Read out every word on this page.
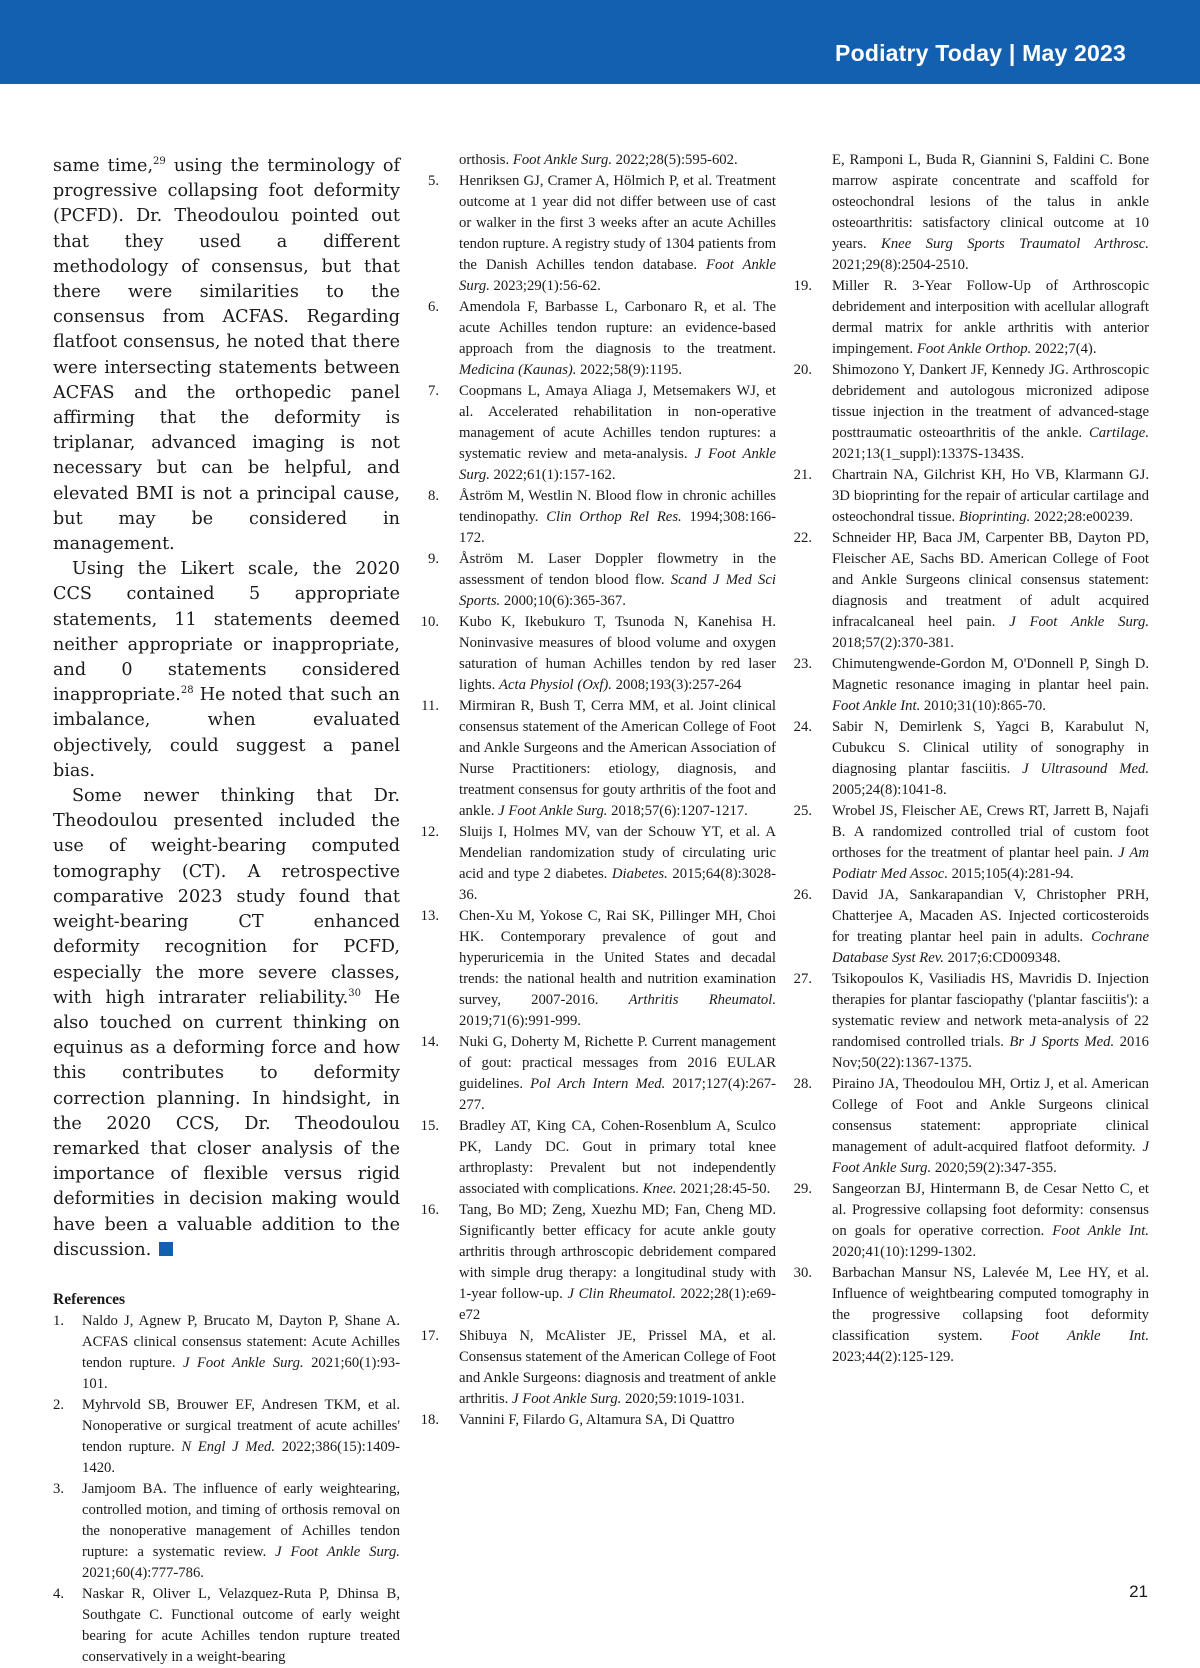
Podiatry Today | May 2023

same time,$^{29}$ using the terminology of progressive collapsing foot deformity (PCFD). Dr. Theodoulou pointed out that they used a different methodology of consensus, but that there were similarities to the consensus from ACFAS. Regarding flatfoot consensus, he noted that there were intersecting statements between ACFAS and the orthopedic panel affirming that the deformity is triplanar, advanced imaging is not necessary but can be helpful, and elevated BMI is not a principal cause, but may be considered in management.

Using the Likert scale, the 2020 CCS contained 5 appropriate statements, 11 statements deemed neither appropriate or inappropriate, and 0 statements considered inappropriate.$^{28}$ He noted that such an imbalance, when evaluated objectively, could suggest a panel bias.

Some newer thinking that Dr. Theodoulou presented included the use of weight-bearing computed tomography (CT). A retrospective comparative 2023 study found that weight-bearing CT enhanced deformity recognition for PCFD, especially the more severe classes, with high intrarater reliability.$^{30}$ He also touched on current thinking on equinus as a deforming force and how this contributes to deformity correction planning. In hindsight, in the 2020 CCS, Dr. Theodoulou remarked that closer analysis of the importance of flexible versus rigid deformities in decision making would have been a valuable addition to the discussion.

References
1. Naldo J, Agnew P, Brucato M, Dayton P, Shane A. ACFAS clinical consensus statement: Acute Achilles tendon rupture. J Foot Ankle Surg. 2021;60(1):93-101.
2. Myhrvold SB, Brouwer EF, Andresen TKM, et al. Nonoperative or surgical treatment of acute achilles' tendon rupture. N Engl J Med. 2022;386(15):1409-1420.
3. Jamjoom BA. The influence of early weightearing, controlled motion, and timing of orthosis removal on the nonoperative management of Achilles tendon rupture: a systematic review. J Foot Ankle Surg. 2021;60(4):777-786.
4. Naskar R, Oliver L, Velazquez-Ruta P, Dhinsa B, Southgate C. Functional outcome of early weight bearing for acute Achilles tendon rupture treated conservatively in a weight-bearing
orthosis. Foot Ankle Surg. 2022;28(5):595-602.
5. Henriksen GJ, Cramer A, Hölmich P, et al. Treatment outcome at 1 year did not differ between use of cast or walker in the first 3 weeks after an acute Achilles tendon rupture. A registry study of 1304 patients from the Danish Achilles tendon database. Foot Ankle Surg. 2023;29(1):56-62.
6. Amendola F, Barbasse L, Carbonaro R, et al. The acute Achilles tendon rupture: an evidence-based approach from the diagnosis to the treatment. Medicina (Kaunas). 2022;58(9):1195.
7. Coopmans L, Amaya Aliaga J, Metsemakers WJ, et al. Accelerated rehabilitation in non-operative management of acute Achilles tendon ruptures: a systematic review and meta-analysis. J Foot Ankle Surg. 2022;61(1):157-162.
8. Åström M, Westlin N. Blood flow in chronic achilles tendinopathy. Clin Orthop Rel Res. 1994;308:166-172.
9. Åström M. Laser Doppler flowmetry in the assessment of tendon blood flow. Scand J Med Sci Sports. 2000;10(6):365-367.
10. Kubo K, Ikebukuro T, Tsunoda N, Kanehisa H. Noninvasive measures of blood volume and oxygen saturation of human Achilles tendon by red laser lights. Acta Physiol (Oxf). 2008;193(3):257-264
11. Mirmiran R, Bush T, Cerra MM, et al. Joint clinical consensus statement of the American College of Foot and Ankle Surgeons and the American Association of Nurse Practitioners: etiology, diagnosis, and treatment consensus for gouty arthritis of the foot and ankle. J Foot Ankle Surg. 2018;57(6):1207-1217.
12. Sluijs I, Holmes MV, van der Schouw YT, et al. A Mendelian randomization study of circulating uric acid and type 2 diabetes. Diabetes. 2015;64(8):3028-36.
13. Chen-Xu M, Yokose C, Rai SK, Pillinger MH, Choi HK. Contemporary prevalence of gout and hyperuricemia in the United States and decadal trends: the national health and nutrition examination survey, 2007-2016. Arthritis Rheumatol. 2019;71(6):991-999.
14. Nuki G, Doherty M, Richette P. Current management of gout: practical messages from 2016 EULAR guidelines. Pol Arch Intern Med. 2017;127(4):267-277.
15. Bradley AT, King CA, Cohen-Rosenblum A, Sculco PK, Landy DC. Gout in primary total knee arthroplasty: Prevalent but not independently associated with complications. Knee. 2021;28:45-50.
16. Tang, Bo MD; Zeng, Xuezhu MD; Fan, Cheng MD. Significantly better efficacy for acute ankle gouty arthritis through arthroscopic debridement compared with simple drug therapy: a longitudinal study with 1-year follow-up. J Clin Rheumatol. 2022;28(1):e69-e72
17. Shibuya N, McAlister JE, Prissel MA, et al. Consensus statement of the American College of Foot and Ankle Surgeons: diagnosis and treatment of ankle arthritis. J Foot Ankle Surg. 2020;59:1019-1031.
18. Vannini F, Filardo G, Altamura SA, Di Quattro
E, Ramponi L, Buda R, Giannini S, Faldini C. Bone marrow aspirate concentrate and scaffold for osteochondral lesions of the talus in ankle osteoarthritis: satisfactory clinical outcome at 10 years. Knee Surg Sports Traumatol Arthrosc. 2021;29(8):2504-2510.
19. Miller R. 3-Year Follow-Up of Arthroscopic debridement and interposition with acellular allograft dermal matrix for ankle arthritis with anterior impingement. Foot Ankle Orthop. 2022;7(4).
20. Shimozono Y, Dankert JF, Kennedy JG. Arthroscopic debridement and autologous micronized adipose tissue injection in the treatment of advanced-stage posttraumatic osteoarthritis of the ankle. Cartilage. 2021;13(1_suppl):1337S-1343S.
21. Chartrain NA, Gilchrist KH, Ho VB, Klarmann GJ. 3D bioprinting for the repair of articular cartilage and osteochondral tissue. Bioprinting. 2022;28:e00239.
22. Schneider HP, Baca JM, Carpenter BB, Dayton PD, Fleischer AE, Sachs BD. American College of Foot and Ankle Surgeons clinical consensus statement: diagnosis and treatment of adult acquired infracalcaneal heel pain. J Foot Ankle Surg. 2018;57(2):370-381.
23. Chimutengwende-Gordon M, O'Donnell P, Singh D. Magnetic resonance imaging in plantar heel pain. Foot Ankle Int. 2010;31(10):865-70.
24. Sabir N, Demirlenk S, Yagci B, Karabulut N, Cubukcu S. Clinical utility of sonography in diagnosing plantar fasciitis. J Ultrasound Med. 2005;24(8):1041-8.
25. Wrobel JS, Fleischer AE, Crews RT, Jarrett B, Najafi B. A randomized controlled trial of custom foot orthoses for the treatment of plantar heel pain. J Am Podiatr Med Assoc. 2015;105(4):281-94.
26. David JA, Sankarapandian V, Christopher PRH, Chatterjee A, Macaden AS. Injected corticosteroids for treating plantar heel pain in adults. Cochrane Database Syst Rev. 2017;6:CD009348.
27. Tsikopoulos K, Vasiliadis HS, Mavridis D. Injection therapies for plantar fasciopathy ('plantar fasciitis'): a systematic review and network meta-analysis of 22 randomised controlled trials. Br J Sports Med. 2016 Nov;50(22):1367-1375.
28. Piraino JA, Theodoulou MH, Ortiz J, et al. American College of Foot and Ankle Surgeons clinical consensus statement: appropriate clinical management of adult-acquired flatfoot deformity. J Foot Ankle Surg. 2020;59(2):347-355.
29. Sangeorzan BJ, Hintermann B, de Cesar Netto C, et al. Progressive collapsing foot deformity: consensus on goals for operative correction. Foot Ankle Int. 2020;41(10):1299-1302.
30. Barbachan Mansur NS, Lalevée M, Lee HY, et al. Influence of weightbearing computed tomography in the progressive collapsing foot deformity classification system. Foot Ankle Int. 2023;44(2):125-129.
21
